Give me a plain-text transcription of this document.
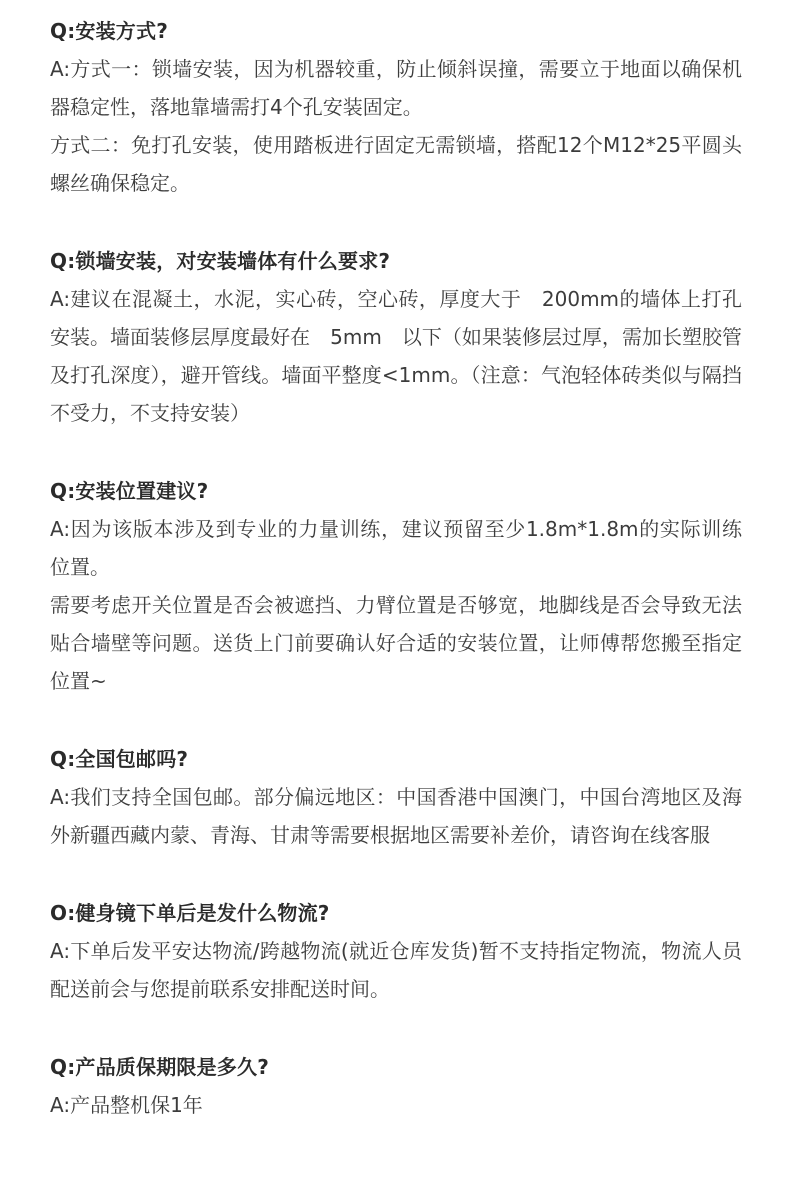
Q:安装方式?

A:方式一：锁墙安装，因为机器较重，防止倾斜误撞，需要立于地面以确保机器稳定性，落地靠墙需打4个孔安装固定。

方式二：免打孔安装，使用踏板进行固定无需锁墙，搭配12个M12*25平圆头螺丝确保稳定。

Q:锁墙安装，对安装墙体有什么要求?

A:建议在混凝土，水泥，实心砖，空心砖，厚度大于　200mm的墙体上打孔安装。墙面装修层厚度最好在　5mm　以下（如果装修层过厚，需加长塑胶管及打孔深度），避开管线。墙面平整度<1mm。（注意：气泡轻体砖类似与隔挡不受力，不支持安装）

Q:安装位置建议?

A:因为该版本涉及到专业的力量训练，建议预留至少1.8m*1.8m的实际训练位置。

需要考虑开关位置是否会被遮挡、力臂位置是否够宽，地脚线是否会导致无法贴合墙壁等问题。送货上门前要确认好合适的安装位置，让师傅帮您搬至指定位置~

Q:全国包邮吗?

A:我们支持全国包邮。部分偏远地区：中国香港中国澳门，中国台湾地区及海外新疆西藏内蒙、青海、甘肃等需要根据地区需要补差价，请咨询在线客服

O:健身镜下单后是发什么物流?

A:下单后发平安达物流/跨越物流(就近仓库发货)暂不支持指定物流，物流人员配送前会与您提前联系安排配送时间。

Q:产品质保期限是多久?

A:产品整机保1年
